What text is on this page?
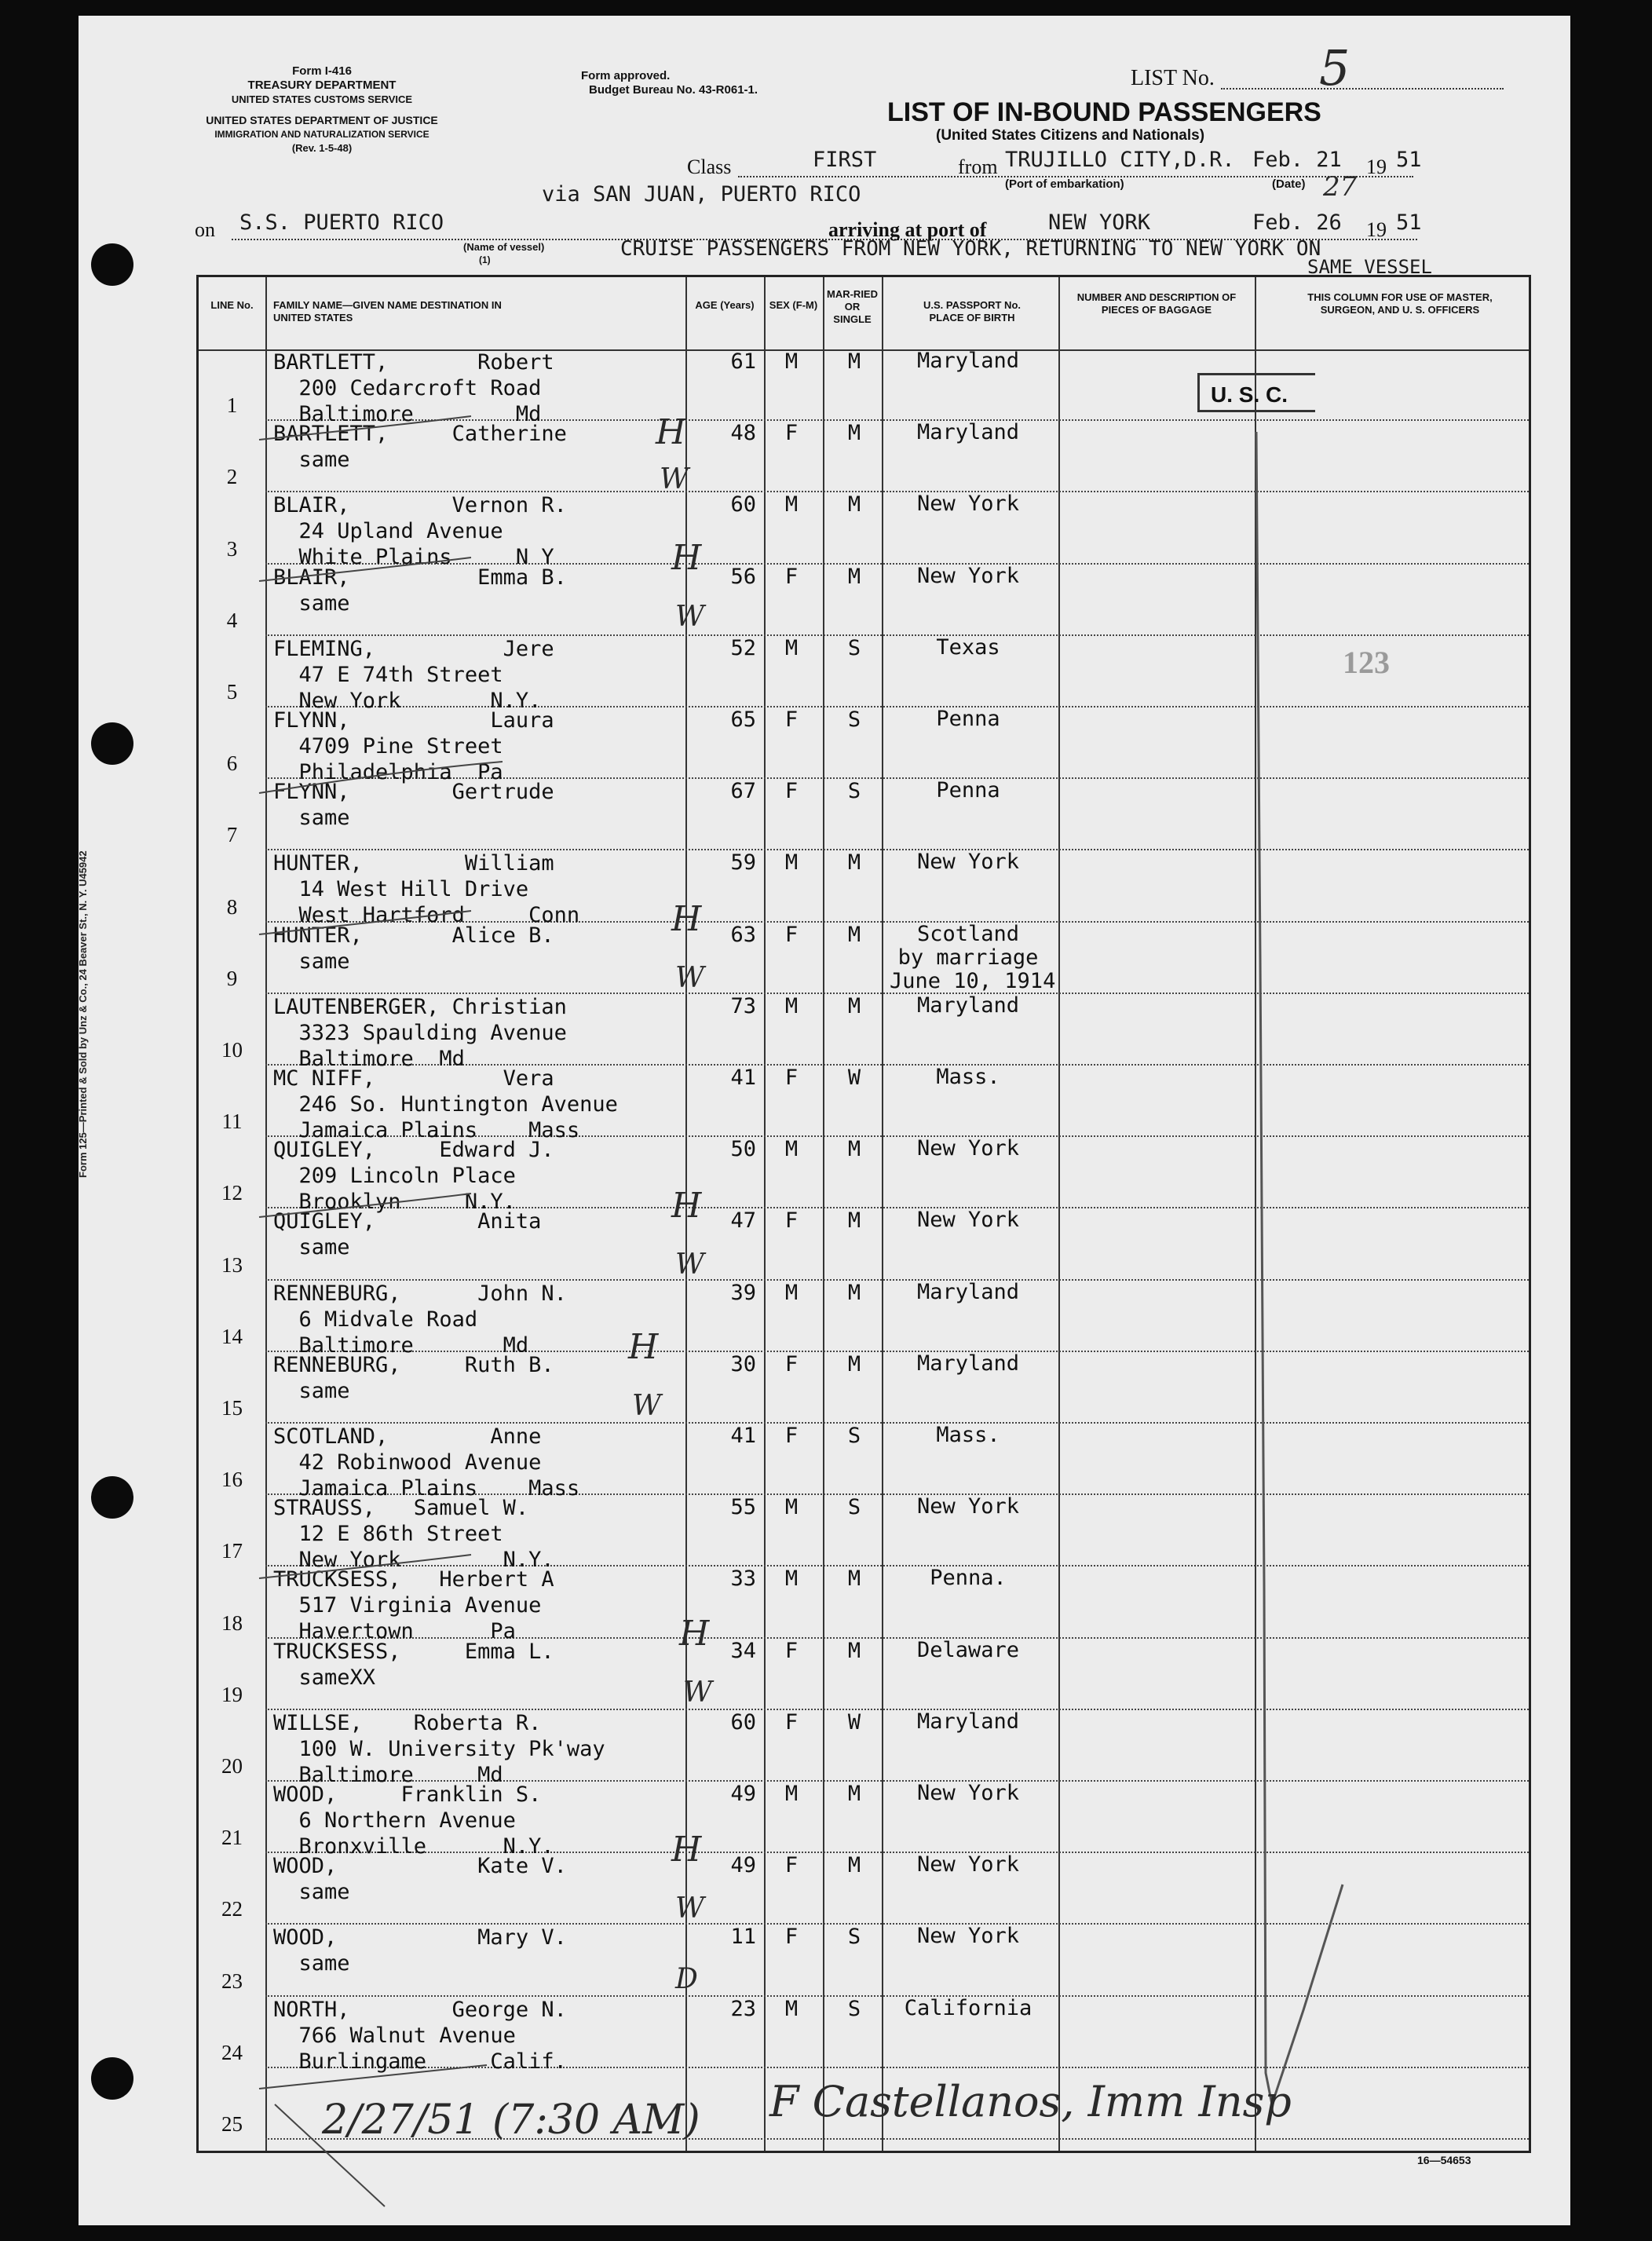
Form 125—Printed & Sold by Unz & Co., 24 Beaver St., N. Y. U45942
Form I-416
TREASURY DEPARTMENT
UNITED STATES CUSTOMS SERVICE
UNITED STATES DEPARTMENT OF JUSTICE
IMMIGRATION AND NATURALIZATION SERVICE
(Rev. 1-5-48)
Form approved.
Budget Bureau No. 43-R061-1.	LIST No. 5
LIST OF IN-BOUND PASSENGERS
(United States Citizens and Nationals)
Class	FIRST	from TRUJILLO CITY,D.R. Feb. 21 19 51
(Port of embarkation)	(Date) 27
via SAN JUAN, PUERTO RICO
on S.S. PUERTO RICO
(Name of vessel)
(1)
arriving at port of	NEW YORK	Feb. 26 19 51
CRUISE PASSENGERS FROM NEW YORK, RETURNING TO NEW YORK ON
SAME VESSEL
LINE No. FAMILY NAME—GIVEN NAME DESTINATION IN UNITED STATES
AGE (Years) SEX (F-M)
MAR-RIED OR SINGLE
U.S. PASSPORT No. PLACE OF BIRTH
NUMBER AND DESCRIPTION OF PIECES OF BAGGAGE
THIS COLUMN FOR USE OF MASTER, SURGEON, AND U. S. OFFICERS
1
BARTLETT,       Robert
200 Cedarcroft Road
Baltimore        Md
61	M	M	Maryland
2
BARTLETT,     Catherine
same
48	F	M	Maryland
3
BLAIR,        Vernon R.
24 Upland Avenue
White Plains     N Y
60	M	M	New York
4
BLAIR,          Emma B.
same
56	F	M	New York
5
FLEMING,          Jere
47 E 74th Street
New York       N.Y.
52	M	S	Texas
6
FLYNN,           Laura
4709 Pine Street
Philadelphia  Pa
65	F	S	Penna
7
FLYNN,        Gertrude
same
67	F	S	Penna
8
HUNTER,        William
14 West Hill Drive
West Hartford     Conn
59	M	M	New York
9
HUNTER,       Alice B.
same
63	F	M	Scotland
by marriage
June 10, 1914
10
LAUTENBERGER, Christian
3323 Spaulding Avenue
Baltimore  Md
73	M	M	Maryland
11
MC NIFF,          Vera
246 So. Huntington Avenue
Jamaica Plains    Mass
41	F	W	Mass.
12
QUIGLEY,     Edward J.
209 Lincoln Place
Brooklyn     N.Y.
50	M	M	New York
13
QUIGLEY,        Anita
same
47	F	M	New York
14
RENNEBURG,      John N.
6 Midvale Road
Baltimore       Md
39	M	M	Maryland
15
RENNEBURG,     Ruth B.
same
30	F	M	Maryland
16
SCOTLAND,        Anne
42 Robinwood Avenue
Jamaica Plains    Mass
41	F	S	Mass.
17
STRAUSS,   Samuel W.
12 E 86th Street
New York        N.Y.
55	M	S	New York
18
TRUCKSESS,   Herbert A
517 Virginia Avenue
Havertown      Pa
33	M	M	Penna.
19
TRUCKSESS,     Emma L.
sameXX
34	F	M	Delaware
20
WILLSE,    Roberta R.
100 W. University Pk'way
Baltimore     Md
60	F	W	Maryland
21
WOOD,     Franklin S.
6 Northern Avenue
Bronxville      N.Y.
49	M	M	New York
22
WOOD,           Kate V.
same
49	F	M	New York
23
WOOD,           Mary V.
same
11	F	S	New York
24
NORTH,        George N.
766 Walnut Avenue
Burlingame     Calif.
23	M	S	California
25
U. S. C.
123
H
W
H
W
H
W
H
W
H
W
H
W
H
W
D
2/27/51 (7:30 AM) F Castellanos, Imm Insp
16—54653
